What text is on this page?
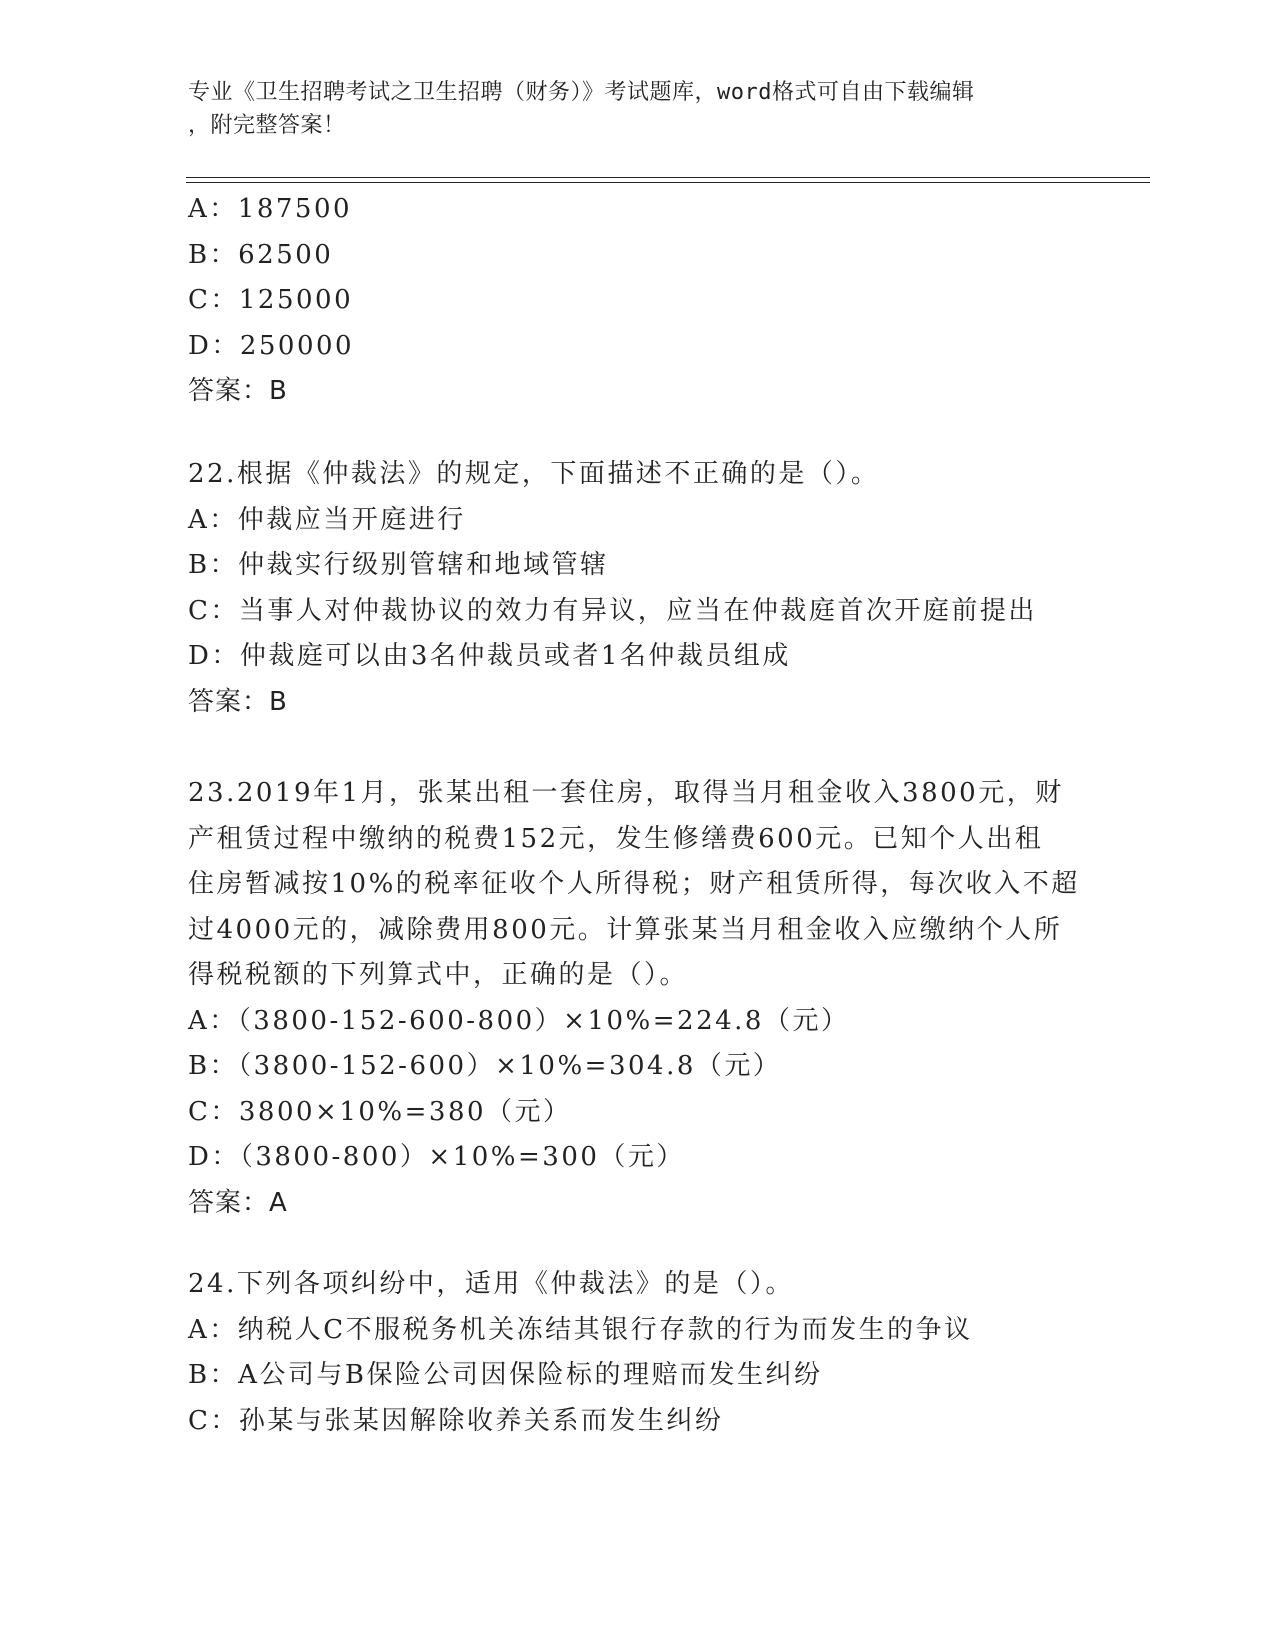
专业《卫生招聘考试之卫生招聘（财务）》考试题库，word格式可自由下载编辑

，附完整答案！

A：187500
B：62500
C：125000
D：250000
答案：B
22.根据《仲裁法》的规定，下面描述不正确的是（）。
A：仲裁应当开庭进行
B：仲裁实行级别管辖和地域管辖
C：当事人对仲裁协议的效力有异议，应当在仲裁庭首次开庭前提出
D：仲裁庭可以由3名仲裁员或者1名仲裁员组成
答案：B
23.2019年1月，张某出租一套住房，取得当月租金收入3800元，财
产租赁过程中缴纳的税费152元，发生修缮费600元。已知个人出租
住房暂减按10%的税率征收个人所得税；财产租赁所得，每次收入不超
过4000元的，减除费用800元。计算张某当月租金收入应缴纳个人所
得税税额的下列算式中，正确的是（）。
A：（3800-152-600-800）×10%=224.8（元）
B：（3800-152-600）×10%=304.8（元）
C：3800×10%=380（元）
D：（3800-800）×10%=300（元）
答案：A
24.下列各项纠纷中，适用《仲裁法》的是（）。
A：纳税人C不服税务机关冻结其银行存款的行为而发生的争议
B：A公司与B保险公司因保险标的理赔而发生纠纷
C：孙某与张某因解除收养关系而发生纠纷
